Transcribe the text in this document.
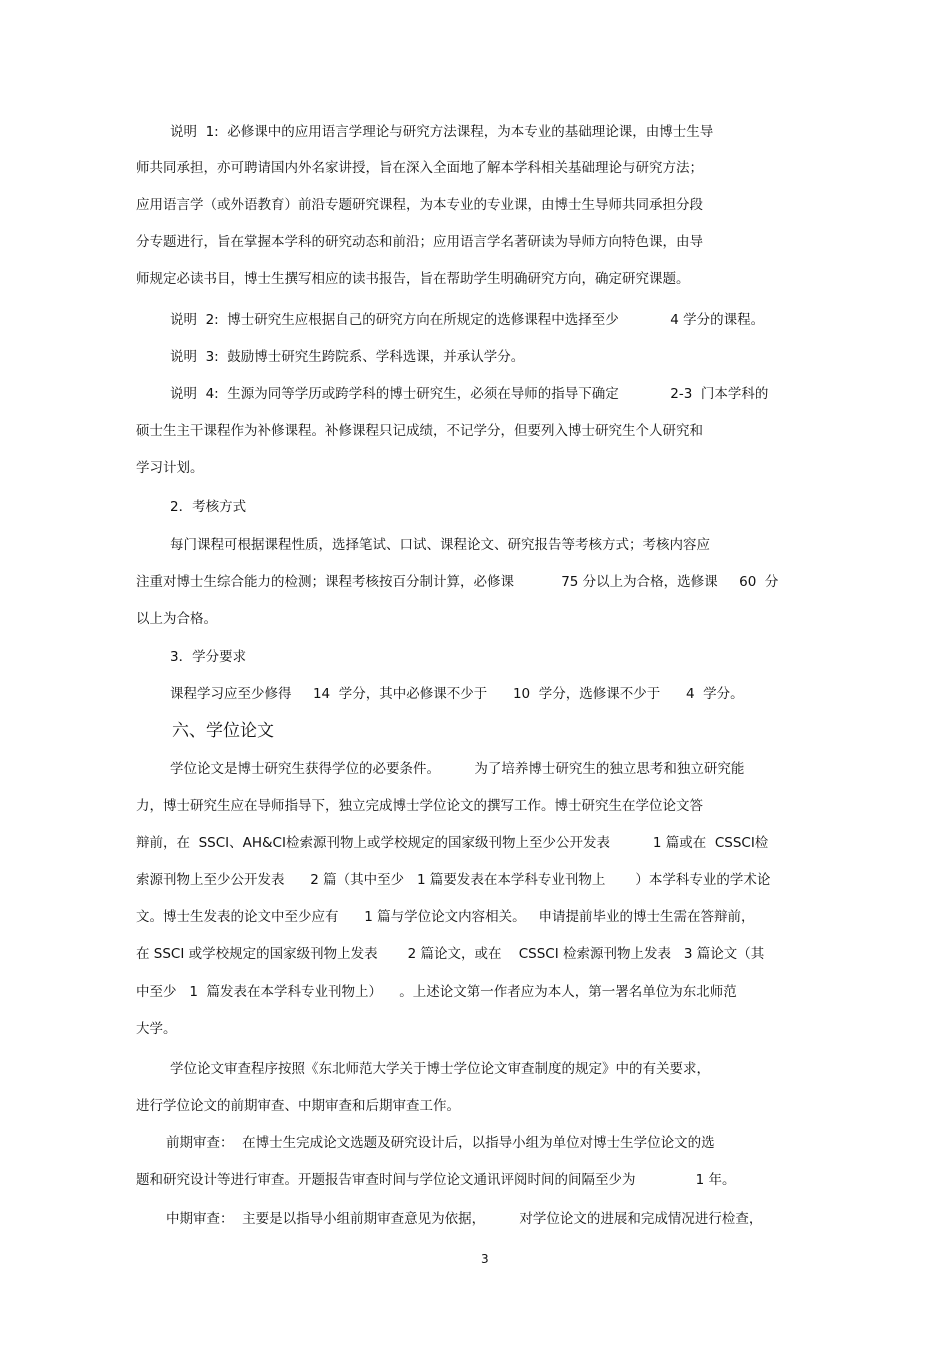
说明  1:  必修课中的应用语言学理论与研究方法课程，为本专业的基础理论课，由博士生导
师共同承担，亦可聘请国内外名家讲授，旨在深入全面地了解本学科相关基础理论与研究方法；
应用语言学（或外语教育）前沿专题研究课程，为本专业的专业课，由博士生导师共同承担分段
分专题进行，旨在掌握本学科的研究动态和前沿；应用语言学名著研读为导师方向特色课，由导
师规定必读书目，博士生撰写相应的读书报告，旨在帮助学生明确研究方向，确定研究课题。
说明  2:  博士研究生应根据自己的研究方向在所规定的选修课程中选择至少            4 学分的课程。
说明  3:  鼓励博士研究生跨院系、学科选课，并承认学分。
说明  4:  生源为同等学历或跨学科的博士研究生，必须在导师的指导下确定            2-3  门本学科的
硕士生主干课程作为补修课程。补修课程只记成绩，不记学分，但要列入博士研究生个人研究和
学习计划。
2．考核方式
每门课程可根据课程性质，选择笔试、口试、课程论文、研究报告等考核方式；考核内容应
注重对博士生综合能力的检测；课程考核按百分制计算，必修课           75 分以上为合格，选修课     60  分
以上为合格。
3．学分要求
课程学习应至少修得     14  学分，其中必修课不少于      10  学分，选修课不少于      4  学分。
六、学位论文
学位论文是博士研究生获得学位的必要条件。        为了培养博士研究生的独立思考和独立研究能
力，博士研究生应在导师指导下，独立完成博士学位论文的撰写工作。博士研究生在学位论文答
辩前，在  SSCI、AH&CI检索源刊物上或学校规定的国家级刊物上至少公开发表          1 篇或在  CSSCI检
索源刊物上至少公开发表      2 篇（其中至少   1 篇要发表在本学科专业刊物上       ）本学科专业的学术论
文。博士生发表的论文中至少应有      1 篇与学位论文内容相关。   申请提前毕业的博士生需在答辩前，
在 SSCI 或学校规定的国家级刊物上发表       2 篇论文，或在    CSSCI 检索源刊物上发表   3 篇论文（其
中至少   1  篇发表在本学科专业刊物上）    。上述论文第一作者应为本人，第一署名单位为东北师范
大学。
学位论文审查程序按照《东北师范大学关于博士学位论文审查制度的规定》中的有关要求，
进行学位论文的前期审查、中期审查和后期审查工作。
前期审查：  在博士生完成论文选题及研究设计后，以指导小组为单位对博士生学位论文的选
题和研究设计等进行审查。开题报告审查时间与学位论文通讯评阅时间的间隔至少为              1 年。
中期审查：  主要是以指导小组前期审查意见为依据，        对学位论文的进展和完成情况进行检查，
3
